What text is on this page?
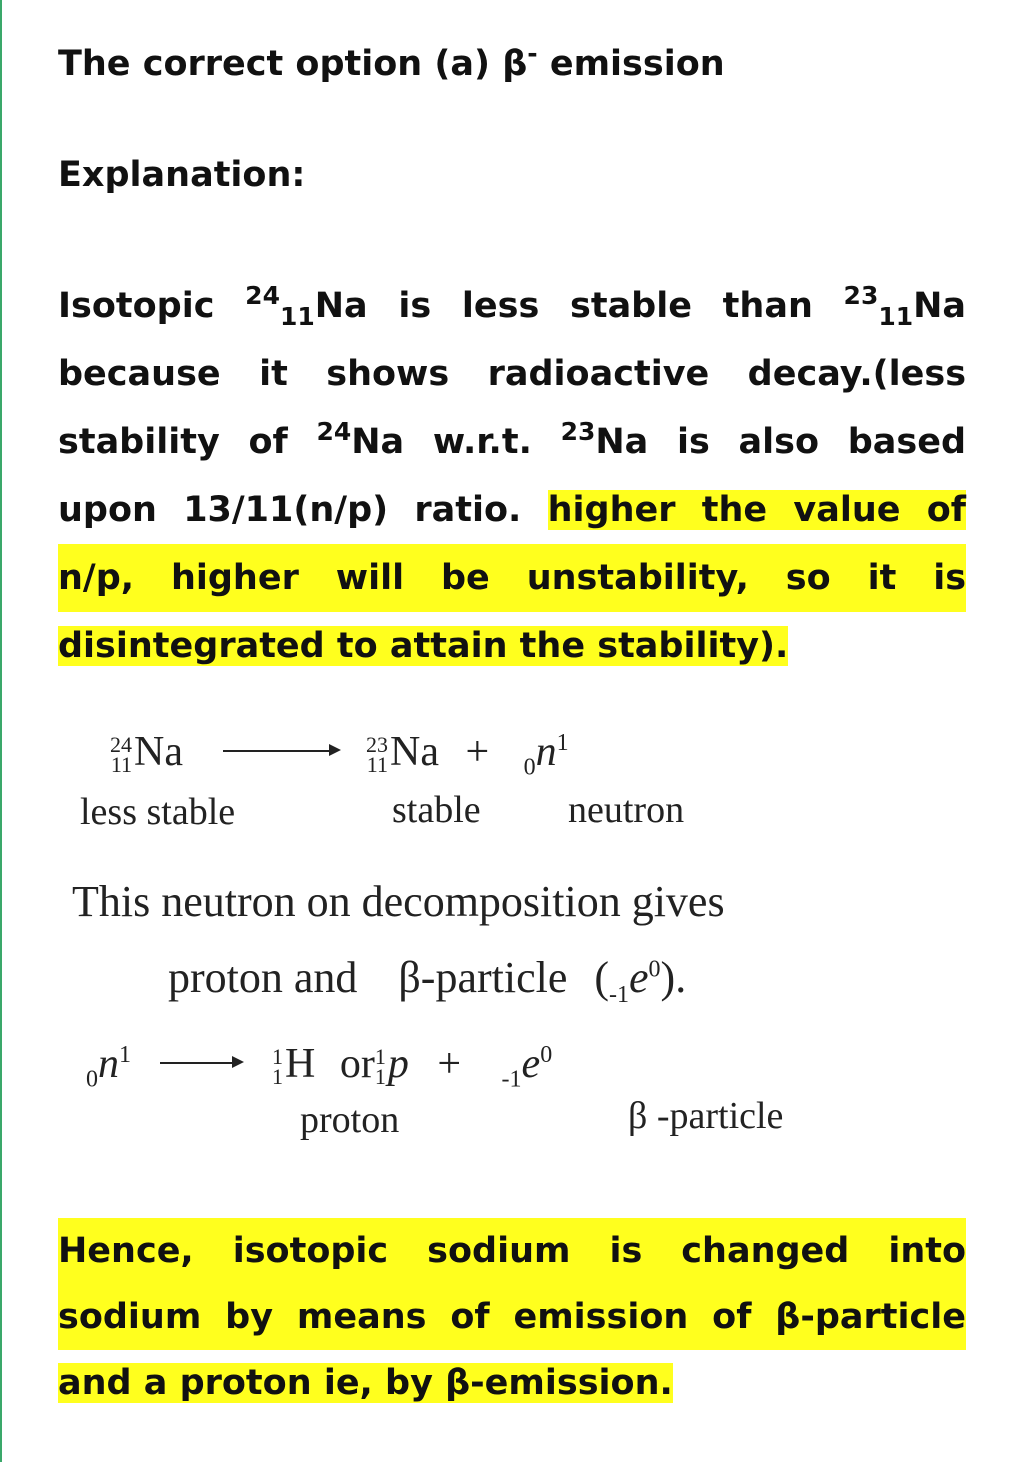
The correct option (a) β- emission
Explanation:
Isotopic $^{24}_{11}$Na is less stable than $^{23}_{11}$Na
because it shows radioactive decay.(less
stability of $^{24}$Na w.r.t. $^{23}$Na is also based
upon 13/11(n/p) ratio. higher the value of
n/p, higher will be unstability, so it is
disintegrated to attain the stability).
24
11 Na	23
11 $Na + _0n^1$
less stable	stable neutron
This neutron on decomposition gives
proton and β-particle $(_{-1}e^0)$.
$_0n^1$	1
1 H or 1
1 $p + _{-1}e^0$
proton	β -particle
Hence, isotopic sodium is changed into
sodium by means of emission of β-particle
and a proton ie, by β-emission.
